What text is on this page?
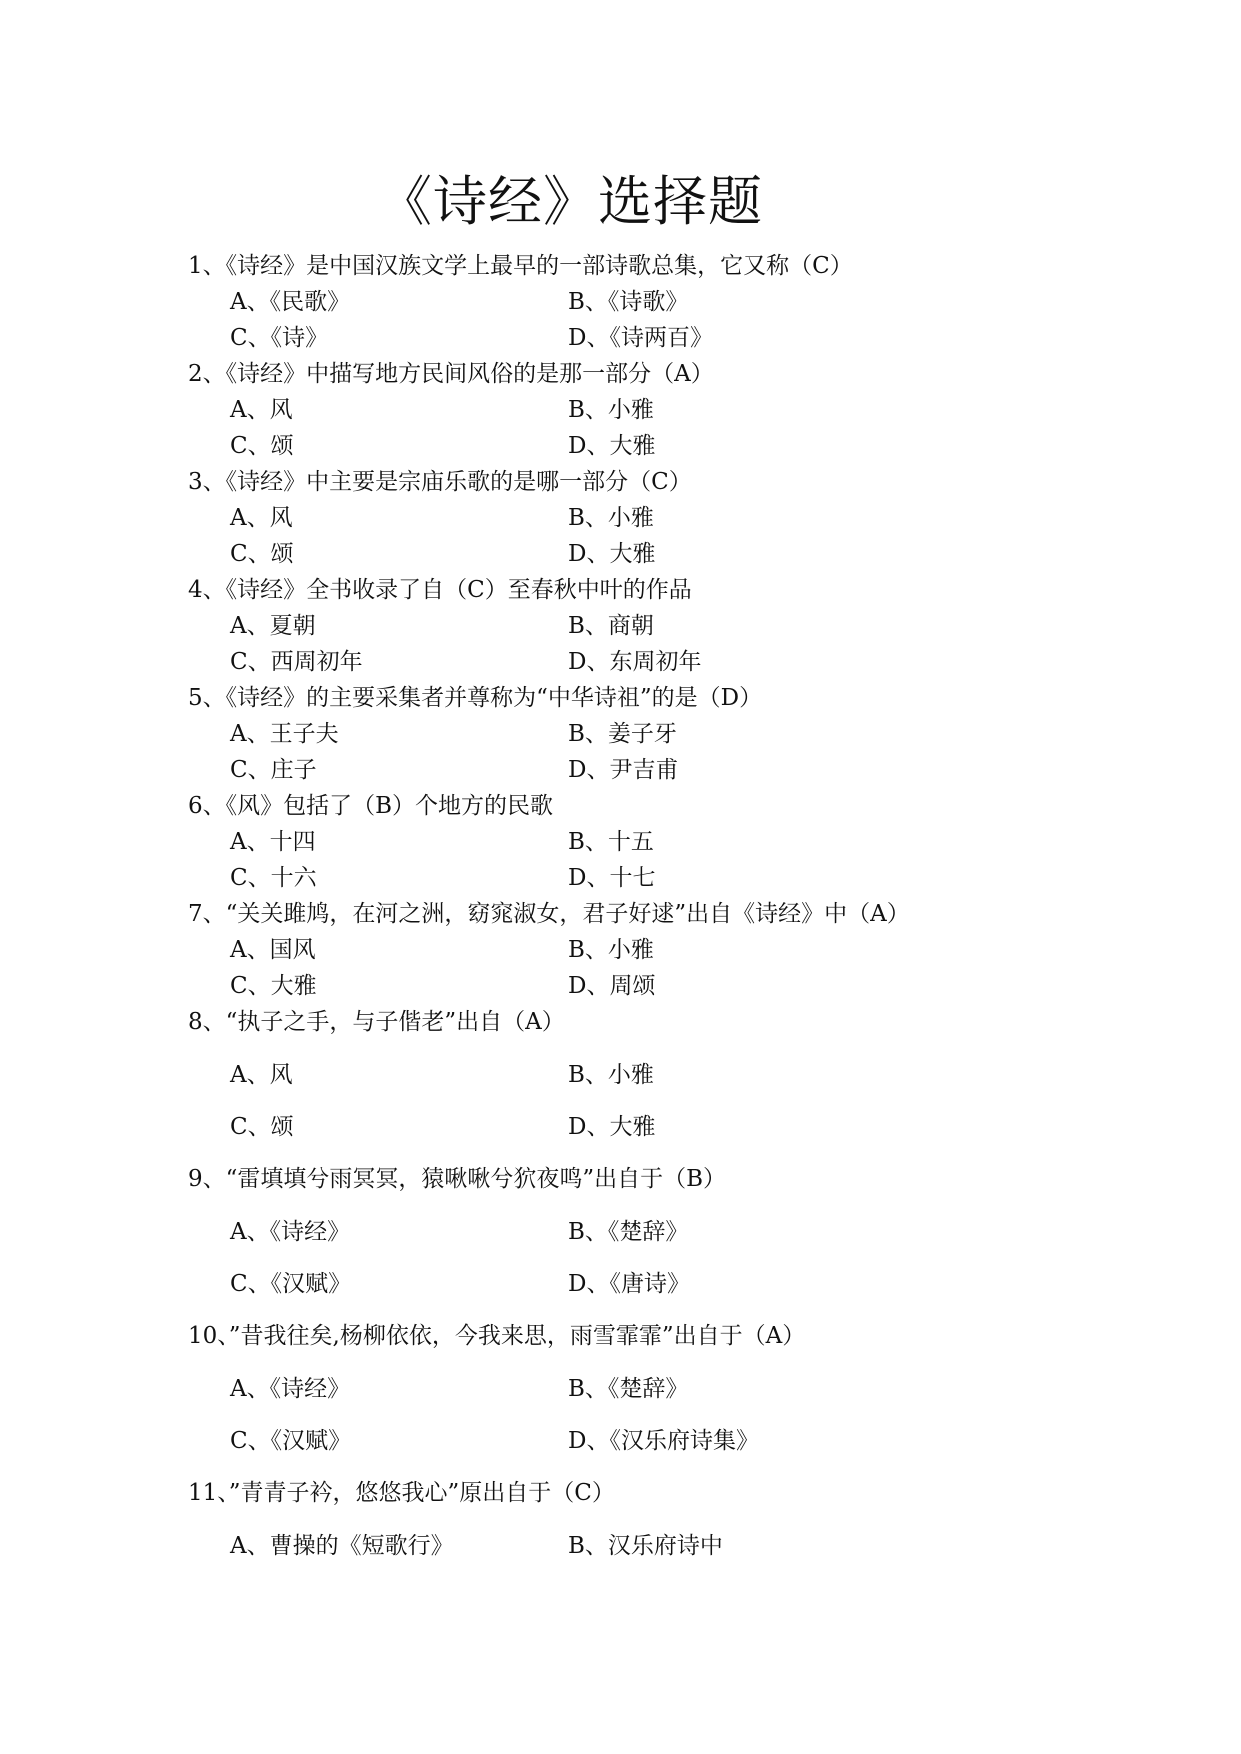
《诗经》选择题
1、《诗经》是中国汉族文学上最早的一部诗歌总集，它又称（C）
A、《民歌》	B、《诗歌》
C、《诗》	D、《诗两百》
2、《诗经》中描写地方民间风俗的是那一部分（A）
A、风	B、小雅
C、颂	D、大雅
3、《诗经》中主要是宗庙乐歌的是哪一部分（C）
A、风	B、小雅
C、颂	D、大雅
4、《诗经》全书收录了自（C）至春秋中叶的作品
A、夏朝	B、商朝
C、西周初年	D、东周初年
5、《诗经》的主要采集者并尊称为“中华诗祖”的是（D）
A、王子夫	B、姜子牙
C、庄子	D、尹吉甫
6、《风》包括了（B）个地方的民歌
A、十四	B、十五
C、十六	D、十七
7、“关关雎鸠，在河之洲，窈窕淑女，君子好逑”出自《诗经》中（A）
A、国风	B、小雅
C、大雅	D、周颂
8、“执子之手，与子偕老”出自（A）
A、风	B、小雅
C、颂	D、大雅
9、“雷填填兮雨冥冥，猿啾啾兮狖夜鸣”出自于（B）
A、《诗经》	B、《楚辞》
C、《汉赋》	D、《唐诗》
10、”昔我往矣,杨柳依依，今我来思，雨雪霏霏”出自于（A）
A、《诗经》	B、《楚辞》
C、《汉赋》	D、《汉乐府诗集》
11、”青青子衿，悠悠我心”原出自于（C）
A、曹操的《短歌行》	B、汉乐府诗中
